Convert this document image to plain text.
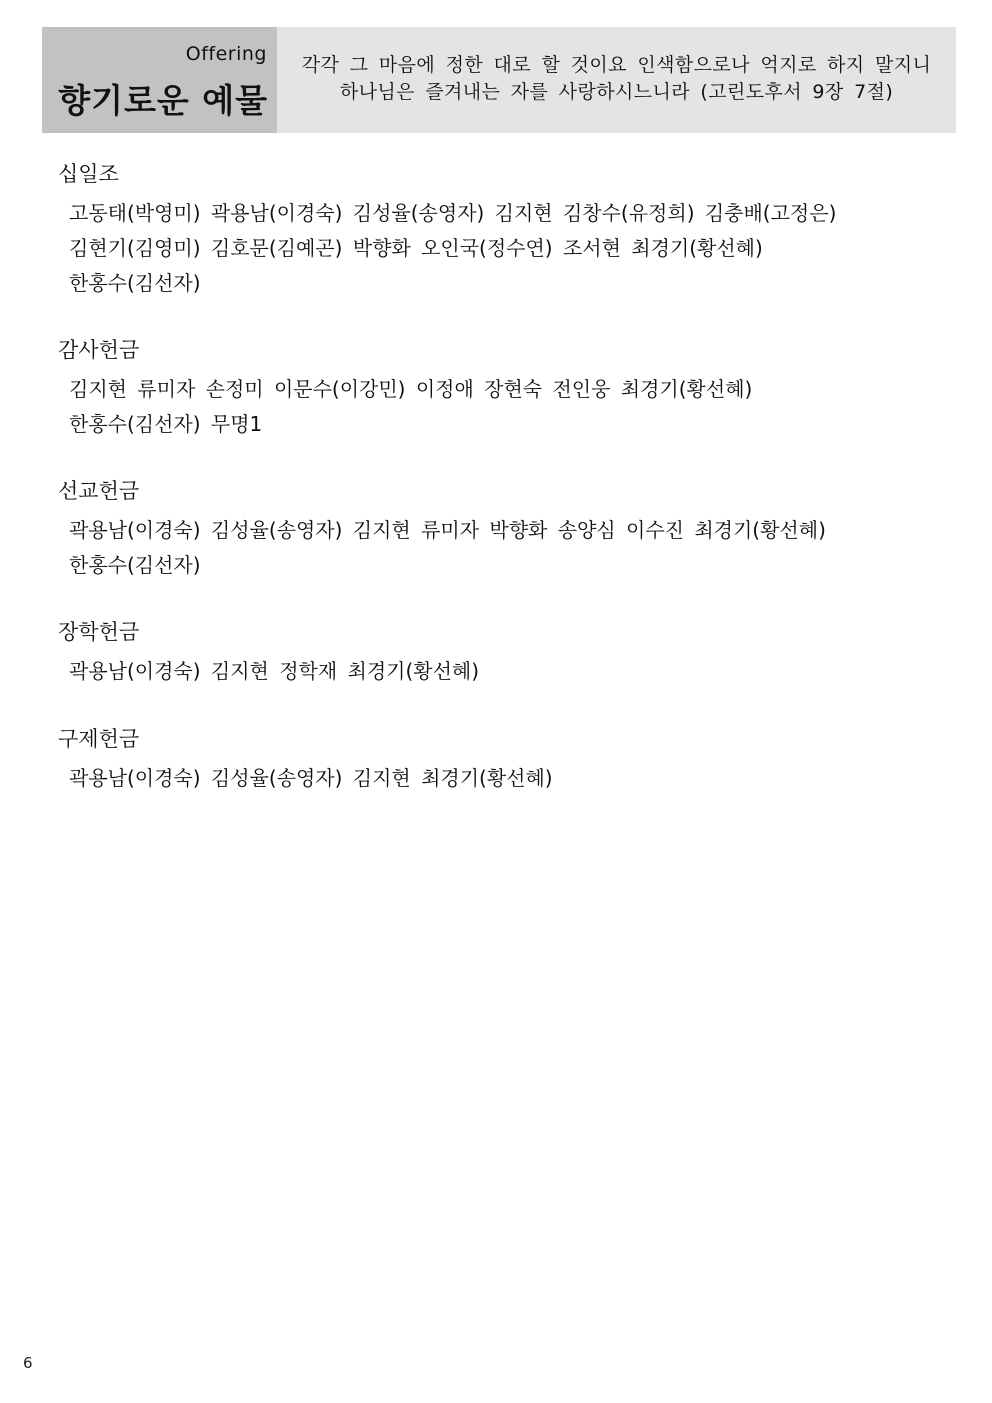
Offering
향기로운 예물
각각 그 마음에 정한 대로 할 것이요 인색함으로나 억지로 하지 말지니
하나님은 즐겨내는 자를 사랑하시느니라 (고린도후서 9장 7절)
십일조
고동태(박영미) 곽용남(이경숙) 김성율(송영자) 김지현 김창수(유정희) 김충배(고정은)
김현기(김영미) 김호문(김예곤) 박향화 오인국(정수연) 조서현 최경기(황선혜)
한홍수(김선자)
감사헌금
김지현 류미자 손정미 이문수(이강민) 이정애 장현숙 전인웅 최경기(황선혜)
한홍수(김선자) 무명1
선교헌금
곽용남(이경숙) 김성율(송영자) 김지현 류미자 박향화 송양심 이수진 최경기(황선혜)
한홍수(김선자)
장학헌금
곽용남(이경숙) 김지현 정학재 최경기(황선혜)
구제헌금
곽용남(이경숙) 김성율(송영자) 김지현 최경기(황선혜)
6
